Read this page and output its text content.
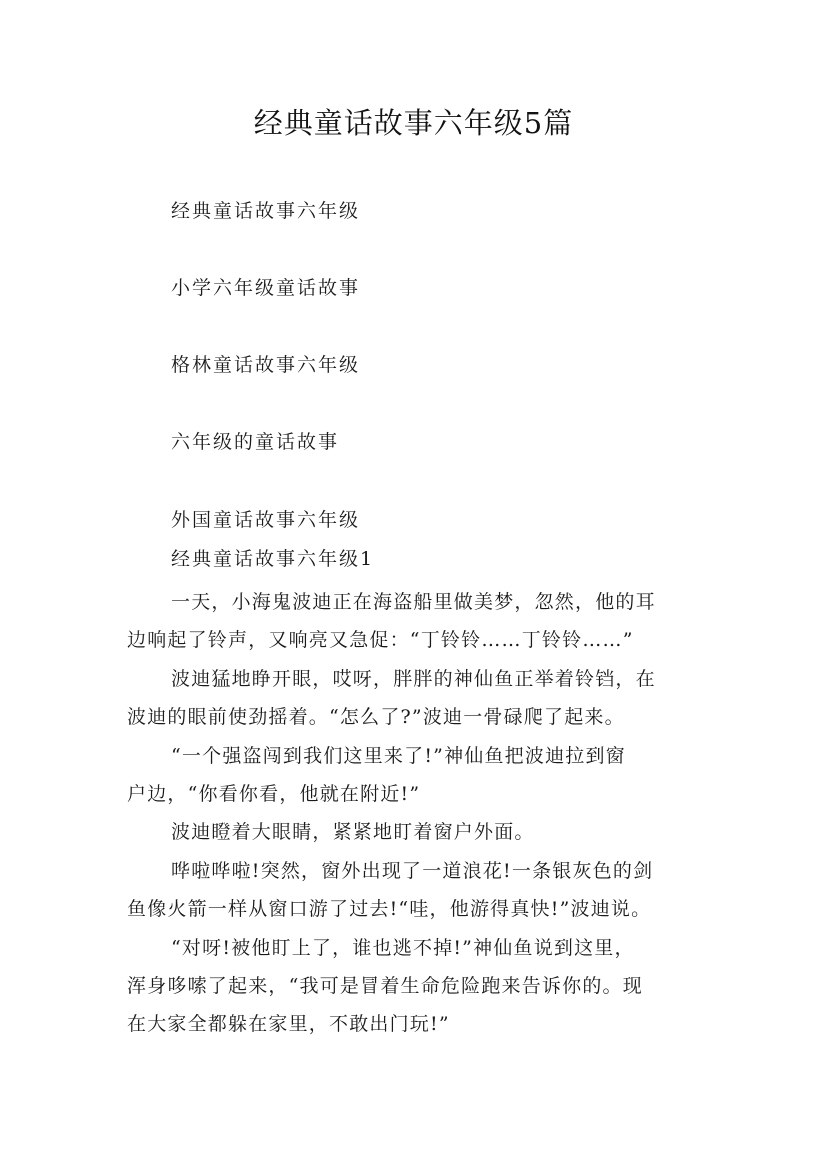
经典童话故事六年级5篇
经典童话故事六年级
小学六年级童话故事
格林童话故事六年级
六年级的童话故事
外国童话故事六年级
经典童话故事六年级1
一天，小海鬼波迪正在海盗船里做美梦，忽然，他的耳
边响起了铃声，又响亮又急促：“丁铃铃……丁铃铃……”
波迪猛地睁开眼，哎呀，胖胖的神仙鱼正举着铃铛，在
波迪的眼前使劲摇着。“怎么了?”波迪一骨碌爬了起来。
“一个强盗闯到我们这里来了!”神仙鱼把波迪拉到窗
户边，“你看你看，他就在附近!”
波迪瞪着大眼睛，紧紧地盯着窗户外面。
哗啦哗啦!突然，窗外出现了一道浪花!一条银灰色的剑
鱼像火箭一样从窗口游了过去!“哇，他游得真快!”波迪说。
“对呀!被他盯上了，谁也逃不掉!”神仙鱼说到这里，
浑身哆嗦了起来，“我可是冒着生命危险跑来告诉你的。现
在大家全都躲在家里，不敢出门玩!”
